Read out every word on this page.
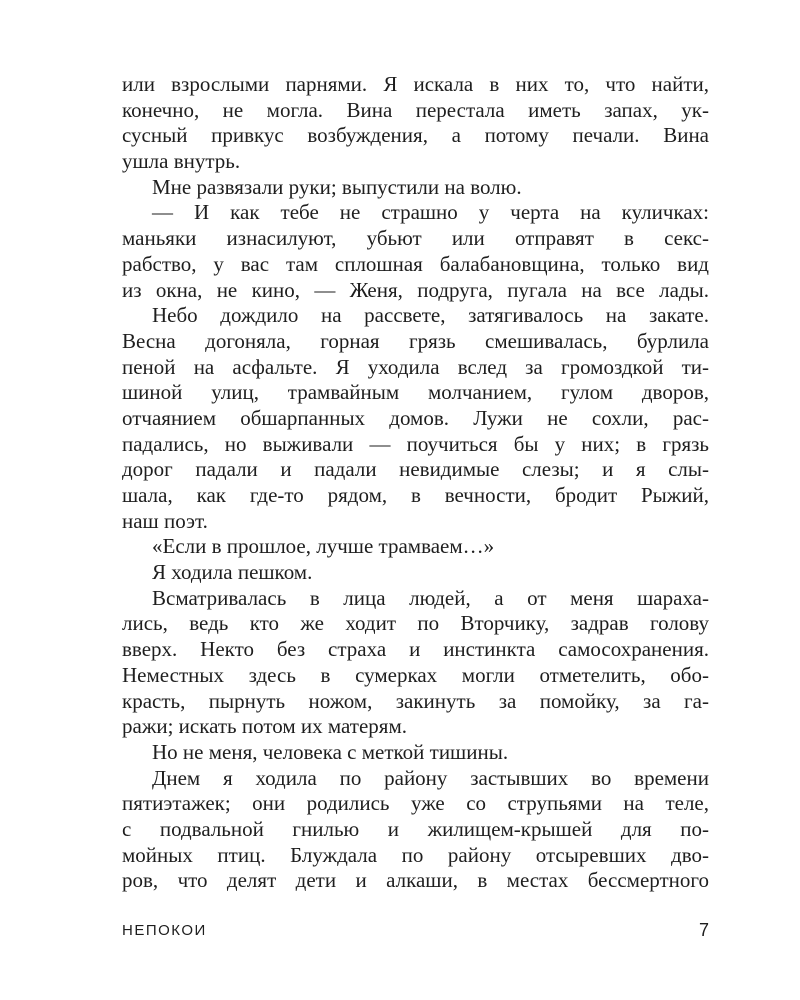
или взрослыми парнями. Я искала в них то, что найти,
конечно, не могла. Вина перестала иметь запах, ук-
сусный привкус возбуждения, а потому печали. Вина
ушла внутрь.
Мне развязали руки; выпустили на волю.
— И как тебе не страшно у черта на куличках:
маньяки изнасилуют, убьют или отправят в секс-
рабство, у вас там сплошная балабановщина, только вид
из окна, не кино, — Женя, подруга, пугала на все лады.
Небо дождило на рассвете, затягивалось на закате.
Весна догоняла, горная грязь смешивалась, бурлила
пеной на асфальте. Я уходила вслед за громоздкой ти-
шиной улиц, трамвайным молчанием, гулом дворов,
отчаянием обшарпанных домов. Лужи не сохли, рас-
падались, но выживали — поучиться бы у них; в грязь
дорог падали и падали невидимые слезы; и я слы-
шала, как где-то рядом, в вечности, бродит Рыжий,
наш поэт.
«Если в прошлое, лучше трамваем…»
Я ходила пешком.
Всматривалась в лица людей, а от меня шараха-
лись, ведь кто же ходит по Вторчику, задрав голову
вверх. Некто без страха и инстинкта самосохранения.
Неместных здесь в сумерках могли отметелить, обо-
красть, пырнуть ножом, закинуть за помойку, за га-
ражи; искать потом их матерям.
Но не меня, человека с меткой тишины.
Днем я ходила по району застывших во времени
пятиэтажек; они родились уже со струпьями на теле,
с подвальной гнилью и жилищем-крышей для по-
мойных птиц. Блуждала по району отсыревших дво-
ров, что делят дети и алкаши, в местах бессмертного
НЕПОКОИ	7
